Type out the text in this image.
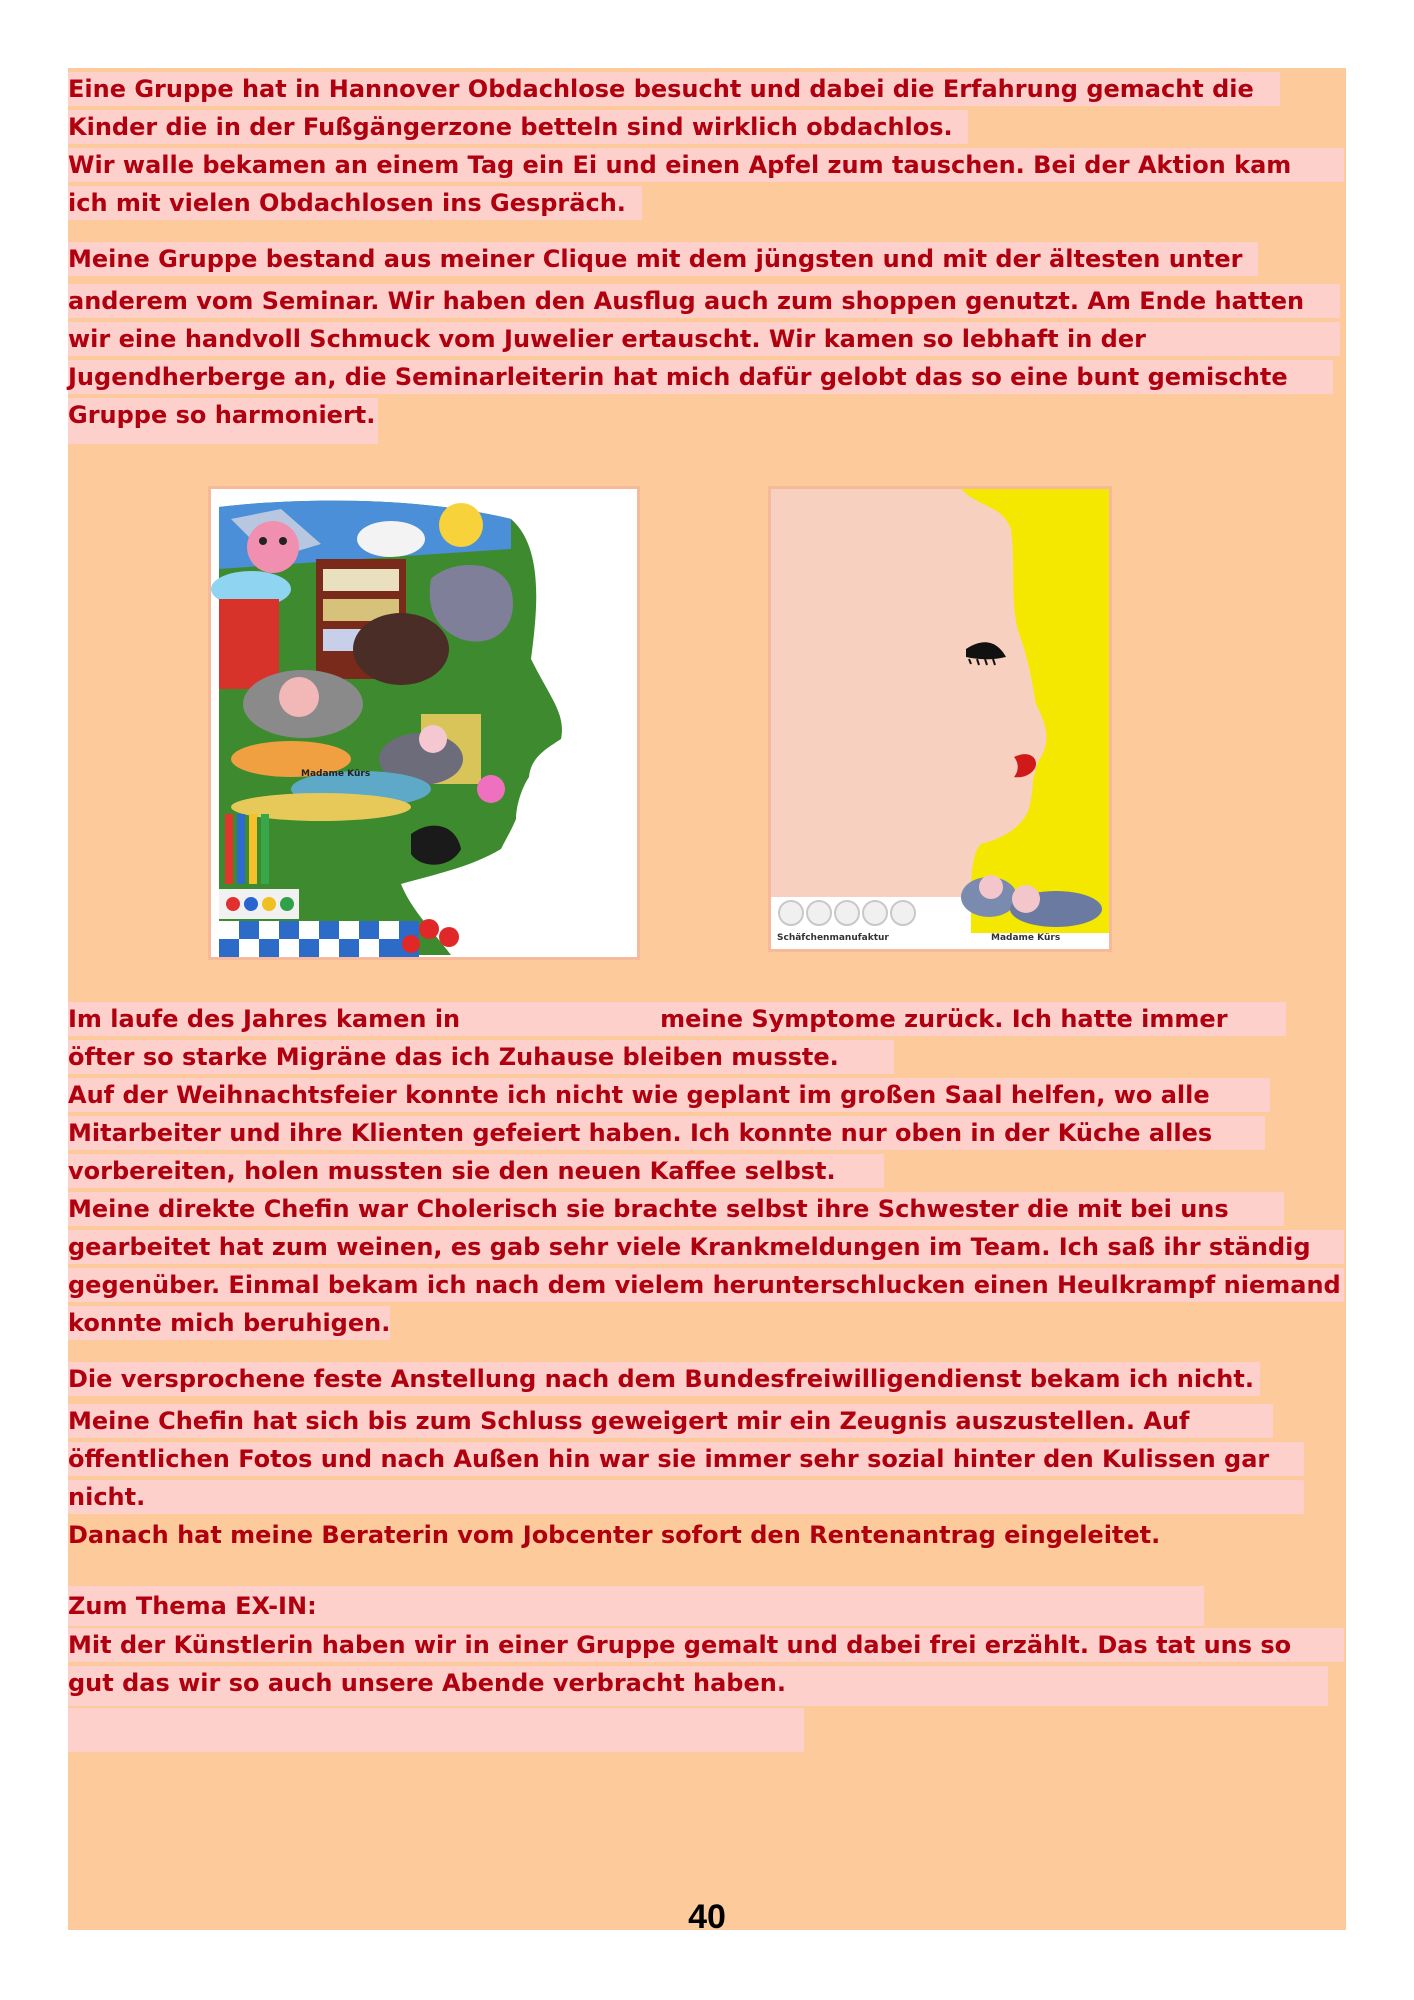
Eine Gruppe hat in Hannover Obdachlose besucht und dabei die Erfahrung gemacht die
Kinder die in der Fußgängerzone betteln sind wirklich obdachlos.
Wir walle bekamen an einem Tag ein Ei und einen Apfel zum tauschen. Bei der Aktion kam
ich mit vielen Obdachlosen ins Gespräch.
Meine Gruppe bestand aus meiner Clique mit dem jüngsten und mit der ältesten unter
anderem vom Seminar. Wir haben den Ausflug auch zum shoppen genutzt. Am Ende hatten
wir eine handvoll Schmuck vom Juwelier ertauscht. Wir kamen so lebhaft in der
Jugendherberge an, die Seminarleiterin hat mich dafür gelobt das so eine bunt gemischte
Gruppe so harmoniert.
Madame Kürs
Schäfchenmanufaktur	Madame Kürs
Im laufe des Jahres kamen in	meine Symptome zurück. Ich hatte immer
öfter so starke Migräne das ich Zuhause bleiben musste.
Auf der Weihnachtsfeier konnte ich nicht wie geplant im großen Saal helfen, wo alle
Mitarbeiter und ihre Klienten gefeiert haben. Ich konnte nur oben in der Küche alles
vorbereiten, holen mussten sie den neuen Kaffee selbst.
Meine direkte Chefin war Cholerisch sie brachte selbst ihre Schwester die mit bei uns
gearbeitet hat zum weinen, es gab sehr viele Krankmeldungen im Team. Ich saß ihr ständig
gegenüber. Einmal bekam ich nach dem vielem herunterschlucken einen Heulkrampf niemand
konnte mich beruhigen.
Die versprochene feste Anstellung nach dem Bundesfreiwilligendienst bekam ich nicht.
Meine Chefin hat sich bis zum Schluss geweigert mir ein Zeugnis auszustellen. Auf
öffentlichen Fotos und nach Außen hin war sie immer sehr sozial hinter den Kulissen gar
nicht.
Danach hat meine Beraterin vom Jobcenter sofort den Rentenantrag eingeleitet.
Zum Thema EX-IN:
Mit der Künstlerin haben wir in einer Gruppe gemalt und dabei frei erzählt. Das tat uns so
gut das wir so auch unsere Abende verbracht haben.
40
